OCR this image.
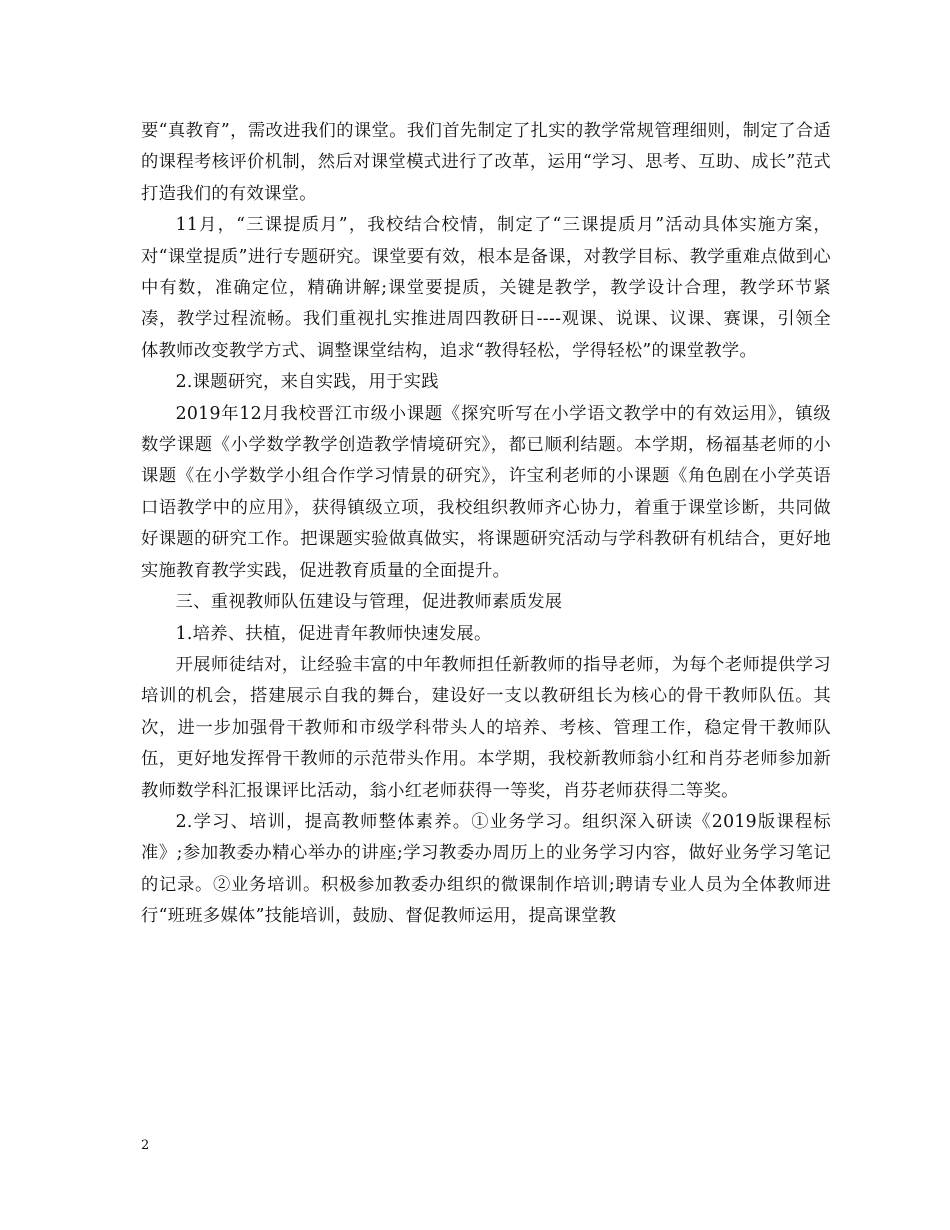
要“真教育”，需改进我们的课堂。我们首先制定了扎实的教学常规管理细则，制定了合适的课程考核评价机制，然后对课堂模式进行了改革，运用“学习、思考、互助、成长”范式打造我们的有效课堂。

11月，“三课提质月”，我校结合校情，制定了“三课提质月”活动具体实施方案，对“课堂提质”进行专题研究。课堂要有效，根本是备课，对教学目标、教学重难点做到心中有数，准确定位，精确讲解;课堂要提质，关键是教学，教学设计合理，教学环节紧凑，教学过程流畅。我们重视扎实推进周四教研日----观课、说课、议课、赛课，引领全体教师改变教学方式、调整课堂结构，追求“教得轻松，学得轻松”的课堂教学。

2.课题研究，来自实践，用于实践

2019年12月我校晋江市级小课题《探究听写在小学语文教学中的有效运用》，镇级数学课题《小学数学教学创造教学情境研究》，都已顺利结题。本学期，杨福基老师的小课题《在小学数学小组合作学习情景的研究》，许宝利老师的小课题《角色剧在小学英语口语教学中的应用》，获得镇级立项，我校组织教师齐心协力，着重于课堂诊断，共同做好课题的研究工作。把课题实验做真做实，将课题研究活动与学科教研有机结合，更好地实施教育教学实践，促进教育质量的全面提升。

三、重视教师队伍建设与管理，促进教师素质发展

1.培养、扶植，促进青年教师快速发展。

开展师徒结对，让经验丰富的中年教师担任新教师的指导老师，为每个老师提供学习培训的机会，搭建展示自我的舞台，建设好一支以教研组长为核心的骨干教师队伍。其次，进一步加强骨干教师和市级学科带头人的培养、考核、管理工作，稳定骨干教师队伍，更好地发挥骨干教师的示范带头作用。本学期，我校新教师翁小红和肖芬老师参加新教师数学科汇报课评比活动，翁小红老师获得一等奖，肖芬老师获得二等奖。

2.学习、培训，提高教师整体素养。①业务学习。组织深入研读《2019版课程标准》;参加教委办精心举办的讲座;学习教委办周历上的业务学习内容，做好业务学习笔记的记录。②业务培训。积极参加教委办组织的微课制作培训;聘请专业人员为全体教师进行“班班多媒体”技能培训，鼓励、督促教师运用，提高课堂教

2
